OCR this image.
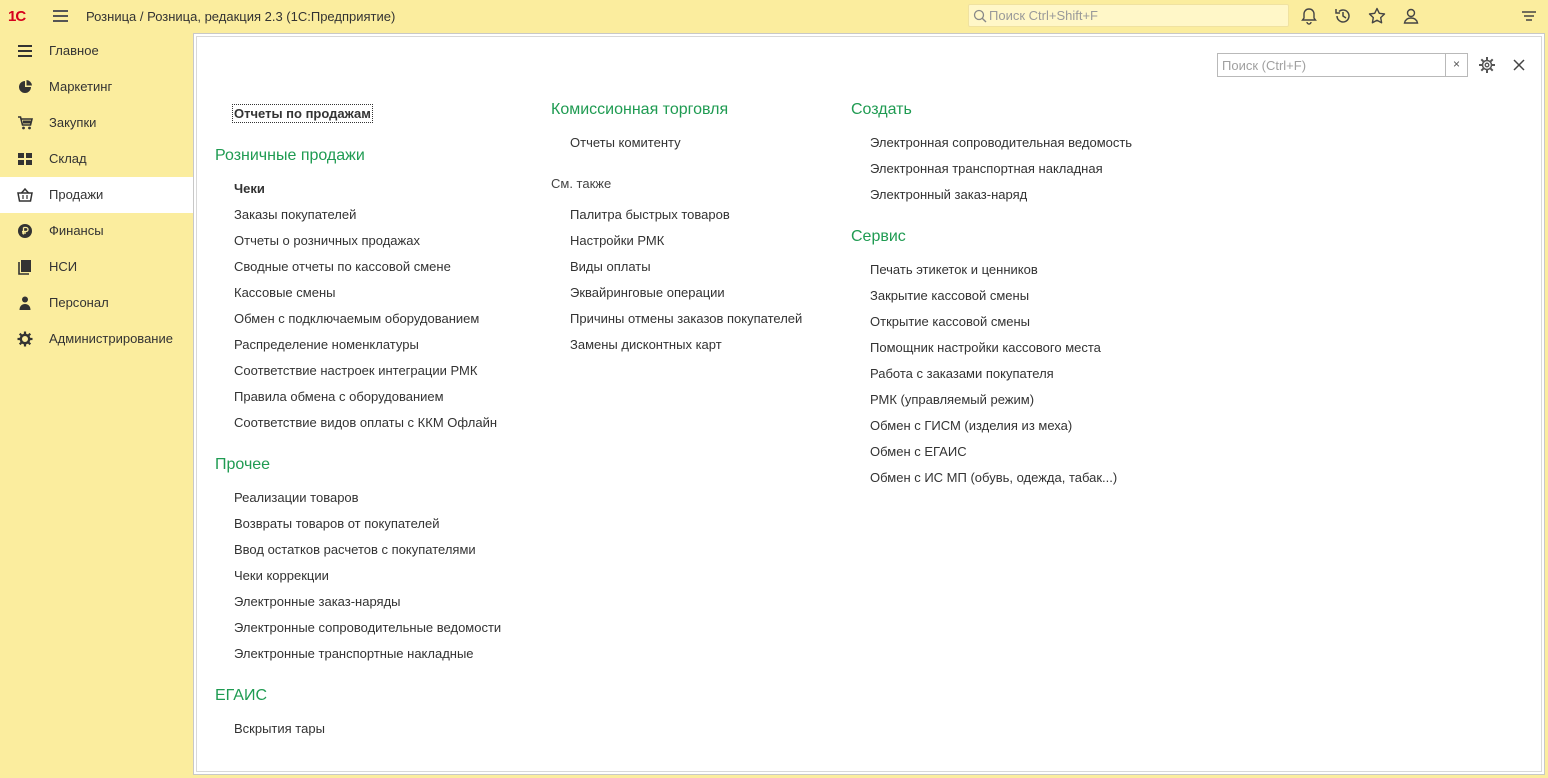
1С	Розница / Розница, редакция 2.3 (1С:Предприятие)
Поиск Ctrl+Shift+F
Главное
Маркетинг
Закупки
Склад
Продажи
Финансы
НСИ
Персонал
Администрирование
Поиск (Ctrl+F)
×
Отчеты по продажам
Розничные продажи
Чеки
Заказы покупателей
Отчеты о розничных продажах
Сводные отчеты по кассовой смене
Кассовые смены
Обмен с подключаемым оборудованием
Распределение номенклатуры
Соответствие настроек интеграции РМК
Правила обмена с оборудованием
Соответствие видов оплаты с ККМ Офлайн
Прочее
Реализации товаров
Возвраты товаров от покупателей
Ввод остатков расчетов с покупателями
Чеки коррекции
Электронные заказ-наряды
Электронные сопроводительные ведомости
Электронные транспортные накладные
ЕГАИС
Вскрытия тары
Комиссионная торговля
Отчеты комитенту
См. также
Палитра быстрых товаров
Настройки РМК
Виды оплаты
Эквайринговые операции
Причины отмены заказов покупателей
Замены дисконтных карт
Создать
Электронная сопроводительная ведомость
Электронная транспортная накладная
Электронный заказ-наряд
Сервис
Печать этикеток и ценников
Закрытие кассовой смены
Открытие кассовой смены
Помощник настройки кассового места
Работа с заказами покупателя
РМК (управляемый режим)
Обмен с ГИСМ (изделия из меха)
Обмен с ЕГАИС
Обмен с ИС МП (обувь, одежда, табак...)
